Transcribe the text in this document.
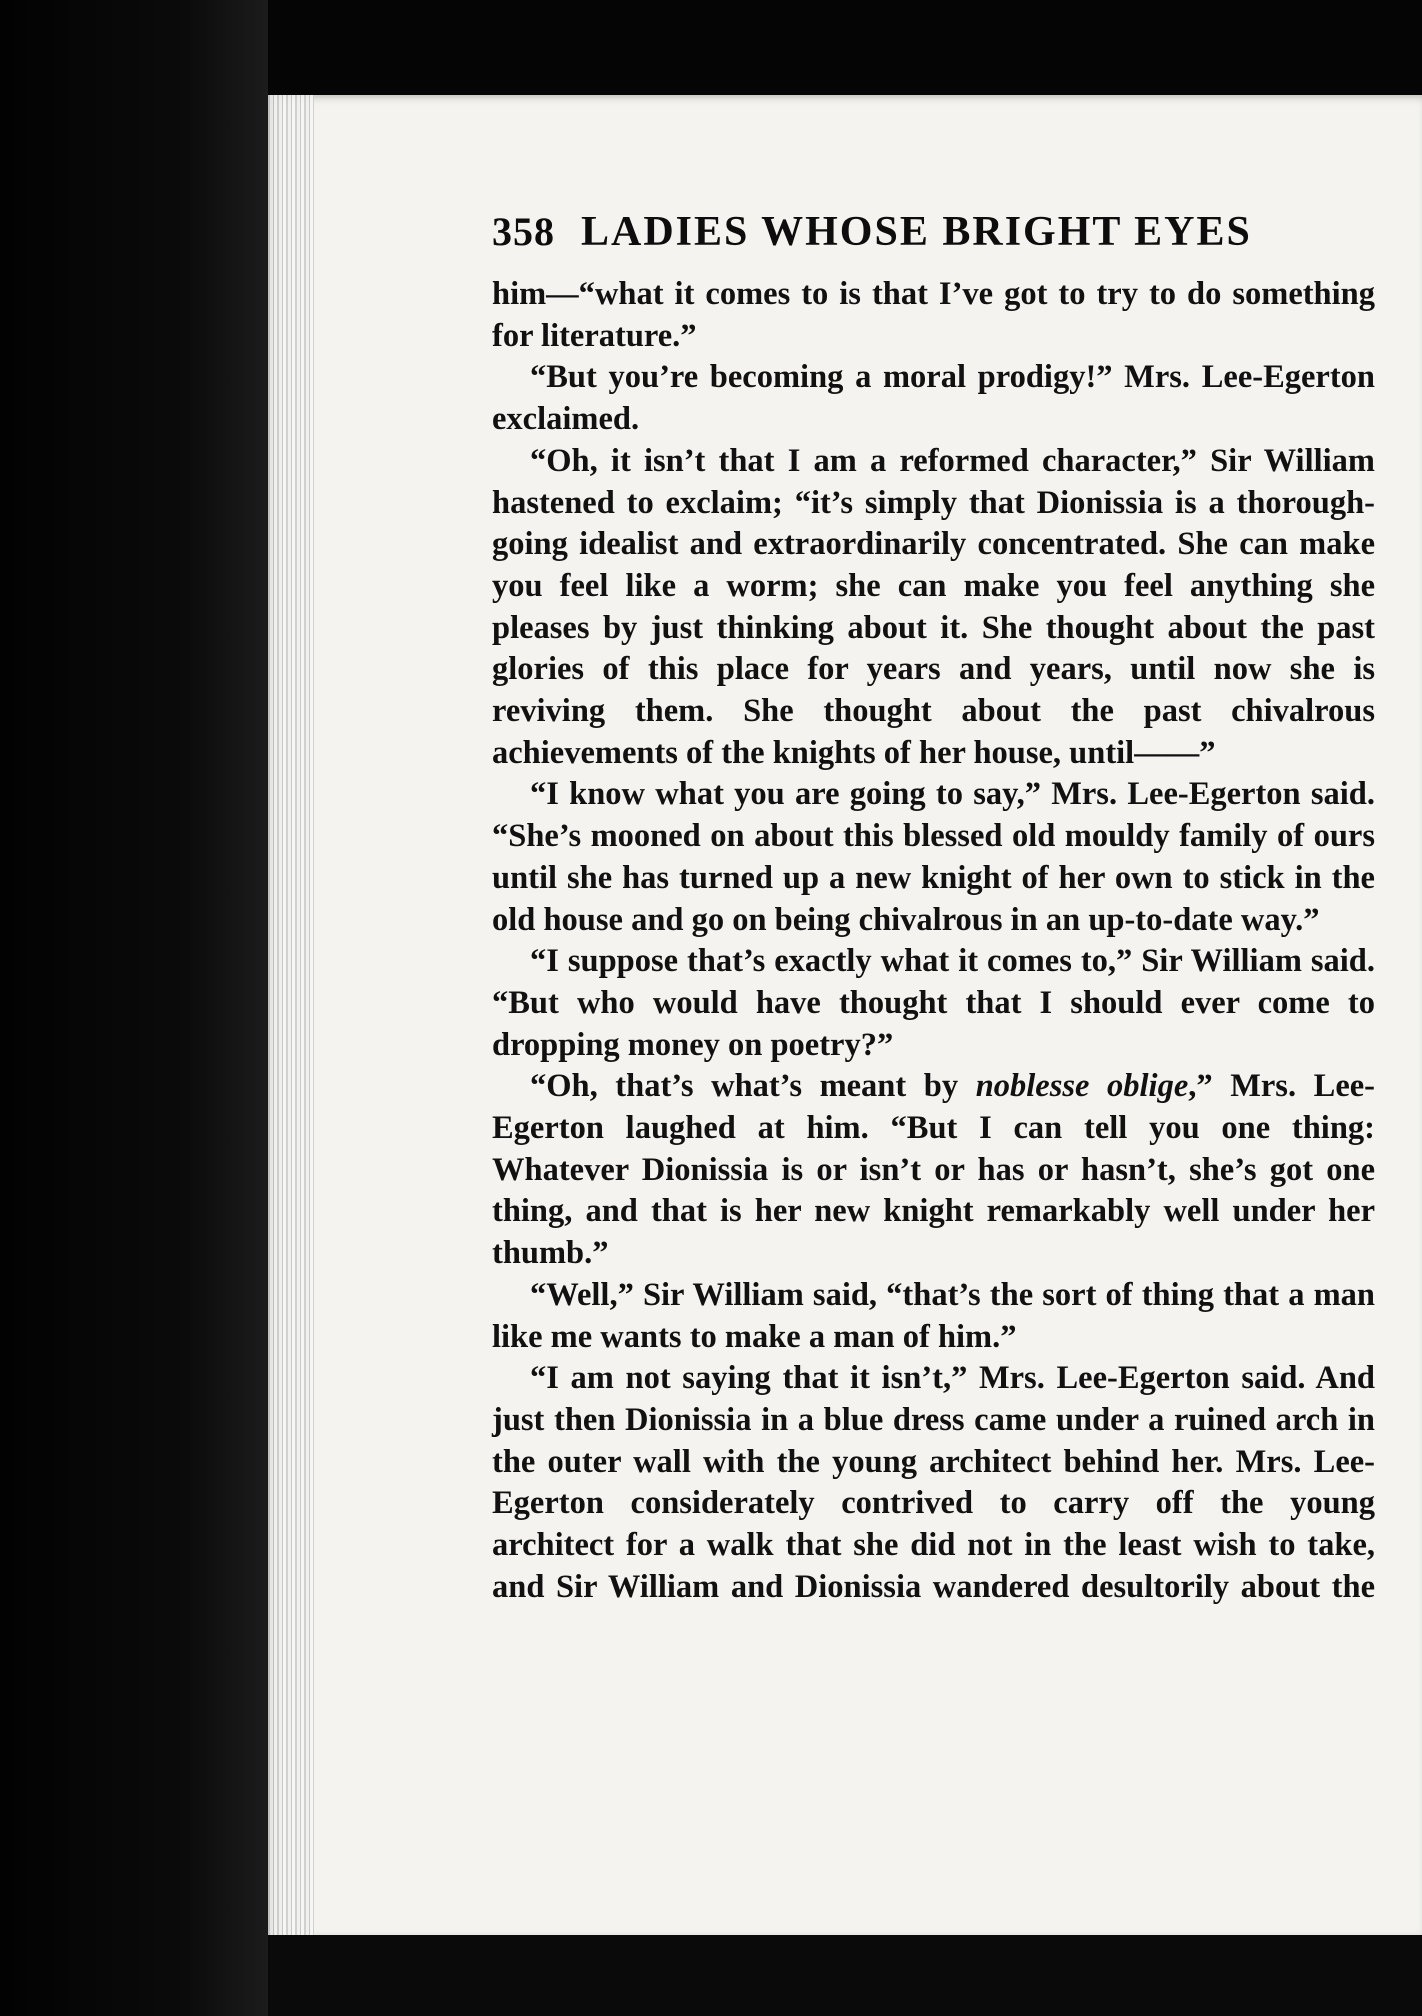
358 LADIES WHOSE BRIGHT EYES

him—“what it comes to is that I’ve got to try to do something for literature.”

“But you’re becoming a moral prodigy!” Mrs. Lee-Egerton exclaimed.

“Oh, it isn’t that I am a reformed character,” Sir William hastened to exclaim; “it’s simply that Dionissia is a thorough-going idealist and extraordinarily concentrated. She can make you feel like a worm; she can make you feel anything she pleases by just thinking about it. She thought about the past glories of this place for years and years, until now she is reviving them. She thought about the past chivalrous achievements of the knights of her house, until——”

“I know what you are going to say,” Mrs. Lee-Egerton said. “She’s mooned on about this blessed old mouldy family of ours until she has turned up a new knight of her own to stick in the old house and go on being chivalrous in an up-to-date way.”

“I suppose that’s exactly what it comes to,” Sir William said. “But who would have thought that I should ever come to dropping money on poetry?”

“Oh, that’s what’s meant by noblesse oblige,” Mrs. Lee-Egerton laughed at him. “But I can tell you one thing: Whatever Dionissia is or isn’t or has or hasn’t, she’s got one thing, and that is her new knight remarkably well under her thumb.”

“Well,” Sir William said, “that’s the sort of thing that a man like me wants to make a man of him.”

“I am not saying that it isn’t,” Mrs. Lee-Egerton said. And just then Dionissia in a blue dress came under a ruined arch in the outer wall with the young architect behind her. Mrs. Lee-Egerton considerately contrived to carry off the young architect for a walk that she did not in the least wish to take, and Sir William and Dionissia wandered desultorily about the
